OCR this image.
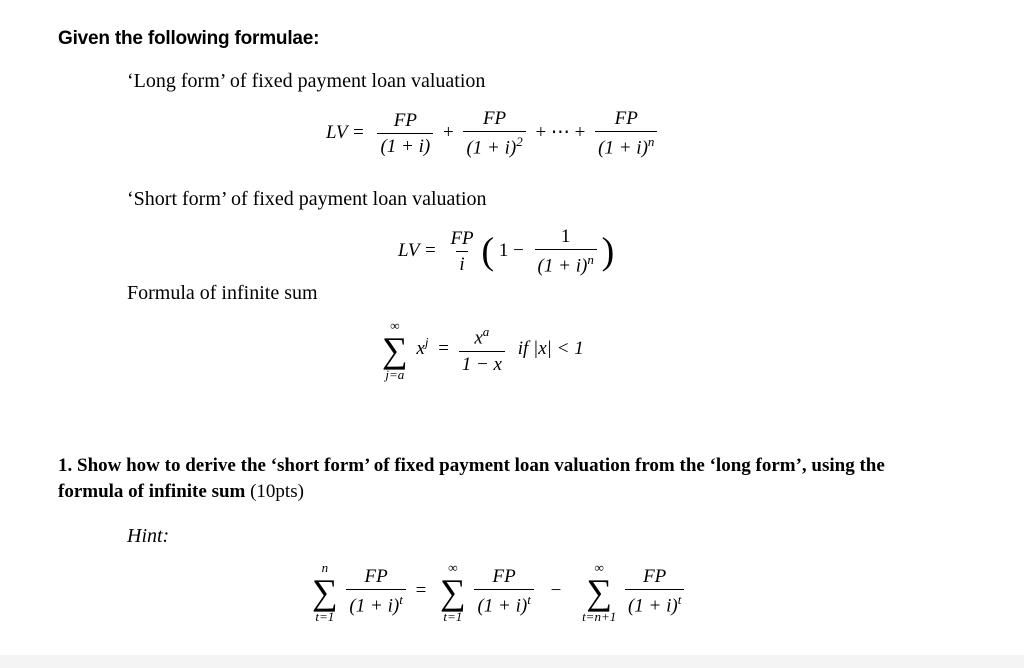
Given the following formulae:
‘Long form’ of fixed payment loan valuation
LV = $\frac{FP}{(1 + i)} + \frac{FP}{(1 + i)^2}$ + ⋯ + $\frac{FP}{(1 + i)^n}$
‘Short form’ of fixed payment loan valuation
LV = $\frac{FP}{i}$ ( $1 - \frac{1}{(1 + i)^n}$ )
Formula of infinite sum
∞
∑
j=a
$x^j = \frac{x^a}{1 - x}$ if |x| < 1
1. Show how to derive the ‘short form’ of fixed payment loan valuation from the ‘long form’, using the
formula of infinite sum (10pts)
Hint:
n
∑
t=1
$\frac{FP}{(1 + i)^t}$ =
∞
∑
t=1
$\frac{FP}{(1 + i)^t}$ −
∞
∑
t=n+1
$\frac{FP}{(1 + i)^t}$
